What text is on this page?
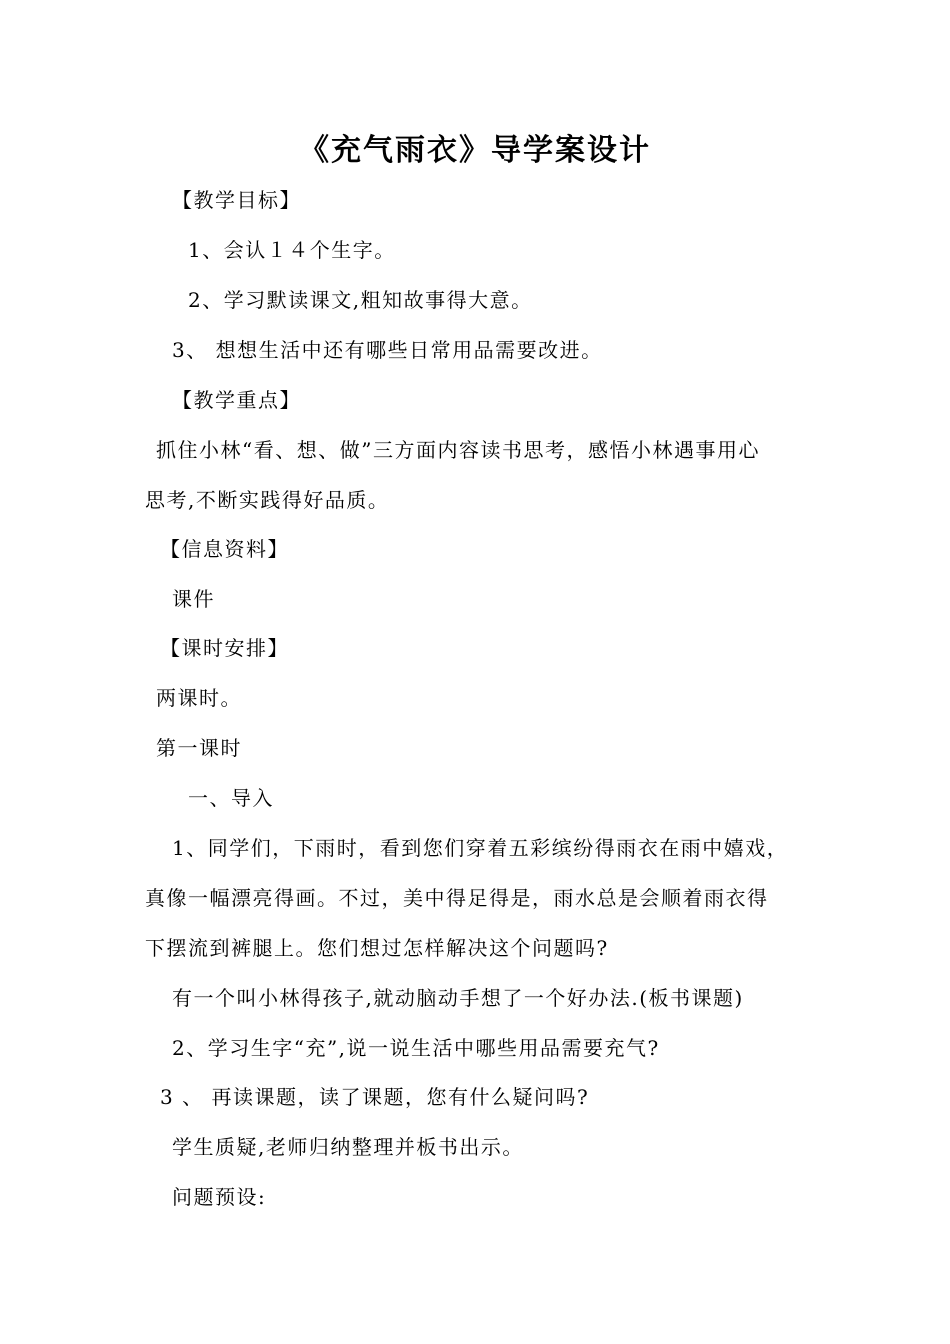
《充气雨衣》导学案设计
【教学目标】
1、会认１４个生字。
2、学习默读课文,粗知故事得大意。
3、 想想生活中还有哪些日常用品需要改进。
【教学重点】
抓住小林“看、想、做”三方面内容读书思考，感悟小林遇事用心
思考,不断实践得好品质。
【信息资料】
课件
【课时安排】
两课时。
第一课时
一、导入
1、同学们，下雨时，看到您们穿着五彩缤纷得雨衣在雨中嬉戏，
真像一幅漂亮得画。不过，美中得足得是，雨水总是会顺着雨衣得
下摆流到裤腿上。您们想过怎样解决这个问题吗?
有一个叫小林得孩子,就动脑动手想了一个好办法.(板书课题)
2、学习生字“充”,说一说生活中哪些用品需要充气?
3 、 再读课题，读了课题，您有什么疑问吗?
学生质疑,老师归纳整理并板书出示。
问题预设:
